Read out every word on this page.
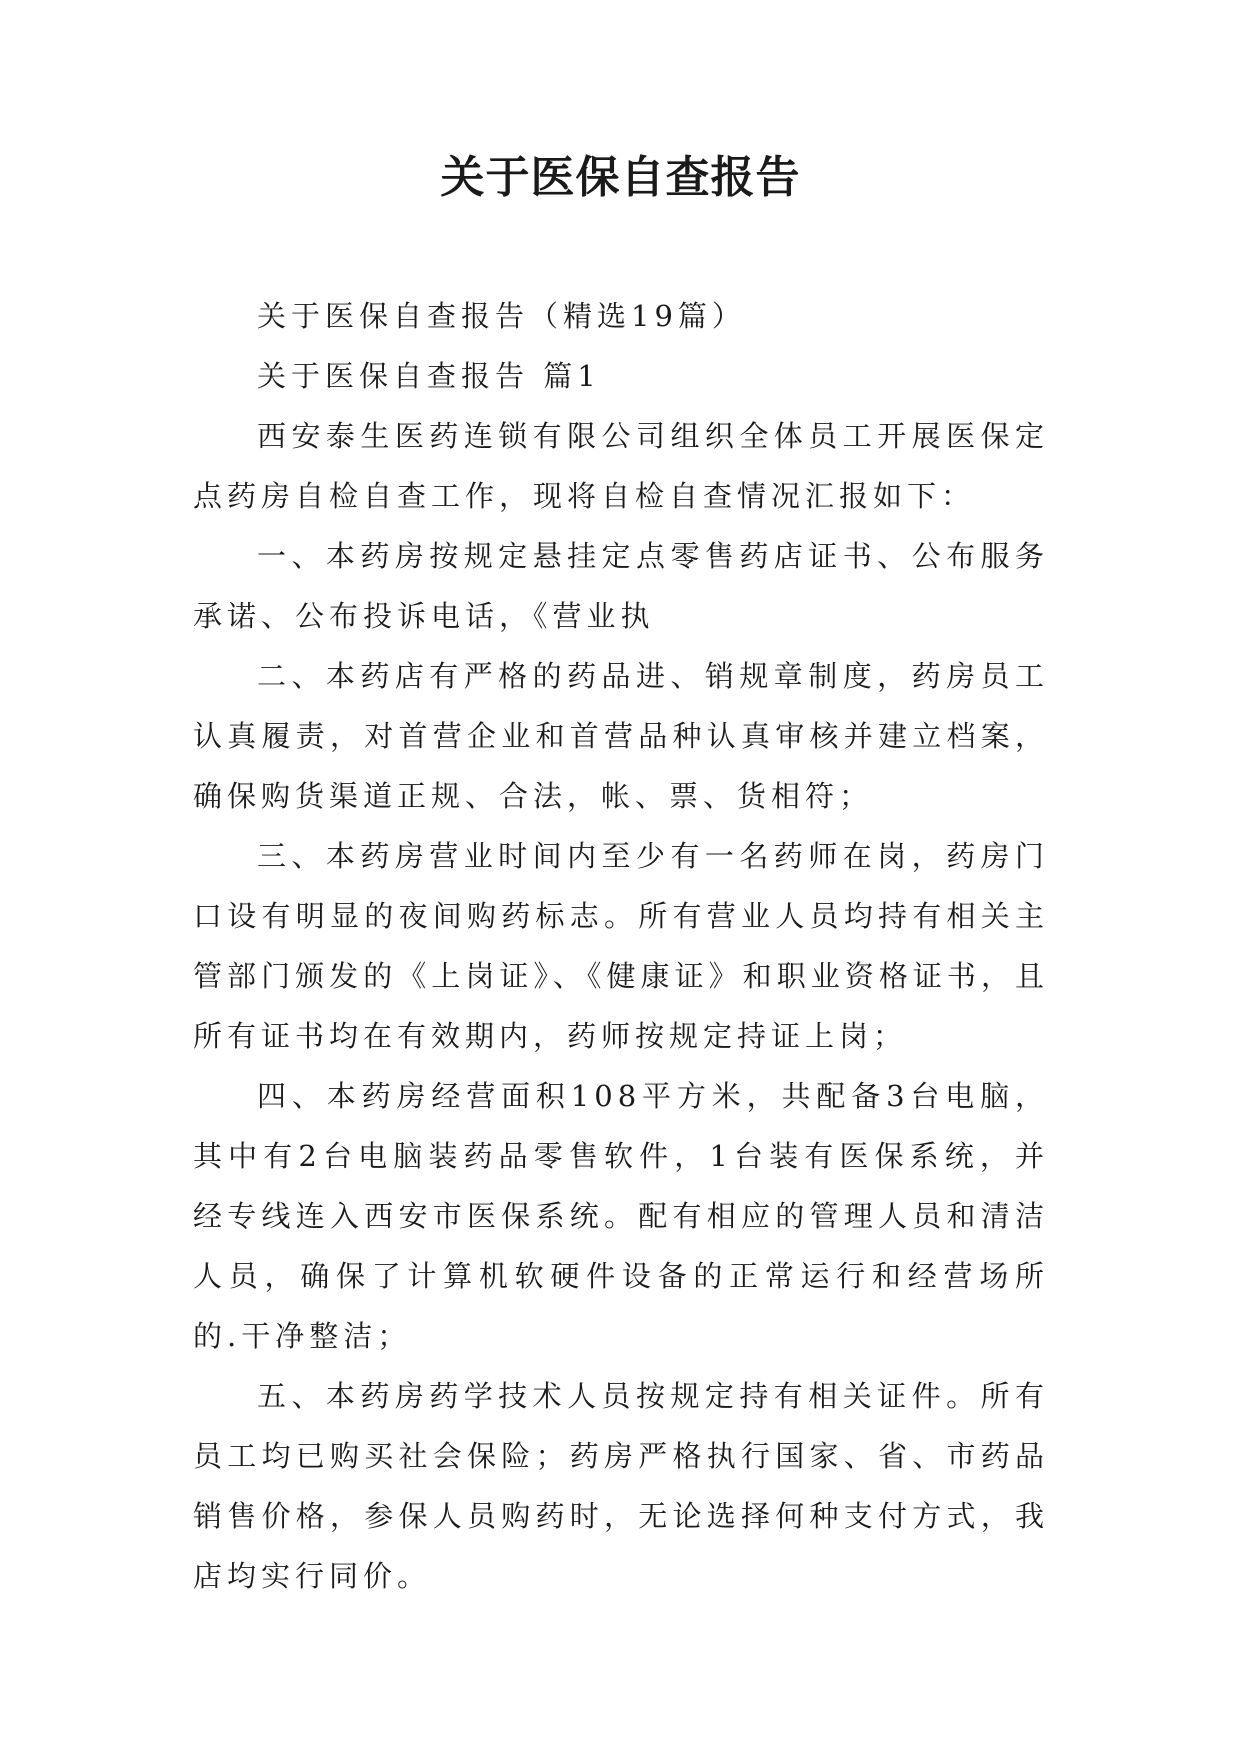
关于医保自查报告

关于医保自查报告（精选19篇）

关于医保自查报告 篇1

西安泰生医药连锁有限公司组织全体员工开展医保定点药房自检自查工作，现将自检自查情况汇报如下：

一、本药房按规定悬挂定点零售药店证书、公布服务承诺、公布投诉电话，《营业执

二、本药店有严格的药品进、销规章制度，药房员工认真履责，对首营企业和首营品种认真审核并建立档案，确保购货渠道正规、合法，帐、票、货相符；

三、本药房营业时间内至少有一名药师在岗，药房门口设有明显的夜间购药标志。所有营业人员均持有相关主管部门颁发的《上岗证》、《健康证》和职业资格证书，且所有证书均在有效期内，药师按规定持证上岗；

四、本药房经营面积108平方米，共配备3台电脑，其中有2台电脑装药品零售软件，1台装有医保系统，并经专线连入西安市医保系统。配有相应的管理人员和清洁人员，确保了计算机软硬件设备的正常运行和经营场所的.干净整洁；

五、本药房药学技术人员按规定持有相关证件。所有员工均已购买社会保险；药房严格执行国家、省、市药品销售价格，参保人员购药时，无论选择何种支付方式，我店均实行同价。
